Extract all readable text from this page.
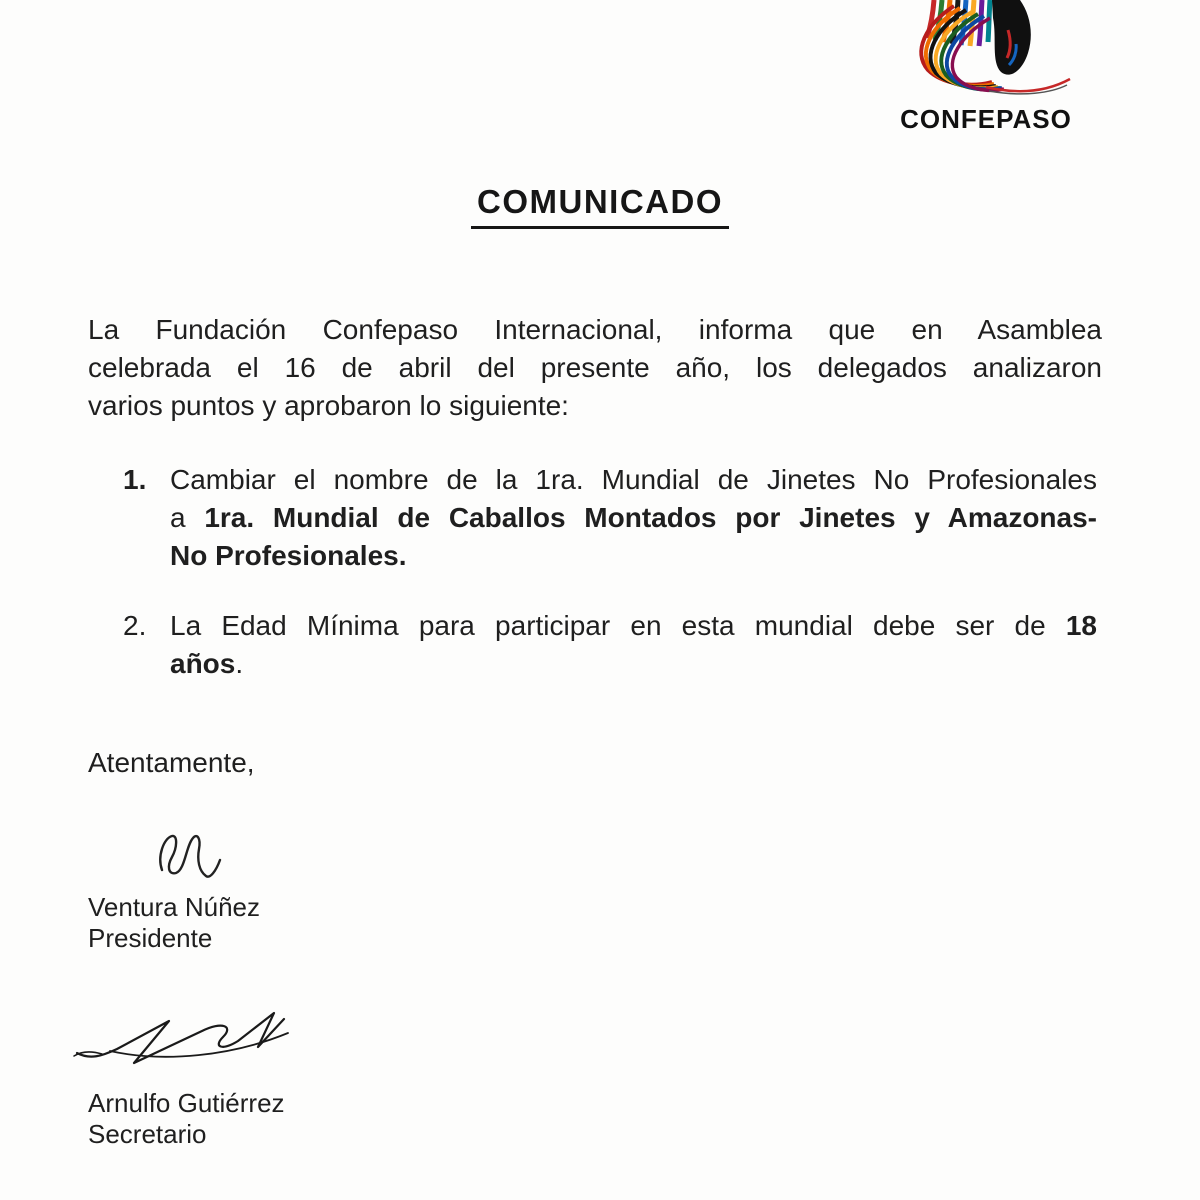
CONFEPASO
COMUNICADO
La Fundación Confepaso Internacional, informa que en Asamblea
celebrada el 16 de abril del presente año, los delegados analizaron
varios puntos y aprobaron lo siguiente:
1. Cambiar el nombre de la 1ra. Mundial de Jinetes No Profesionales
a 1ra. Mundial de Caballos Montados por Jinetes y Amazonas-
No Profesionales.
2. La Edad Mínima para participar en esta mundial debe ser de 18
años.
Atentamente,
Ventura Núñez
Presidente
Arnulfo Gutiérrez
Secretario
